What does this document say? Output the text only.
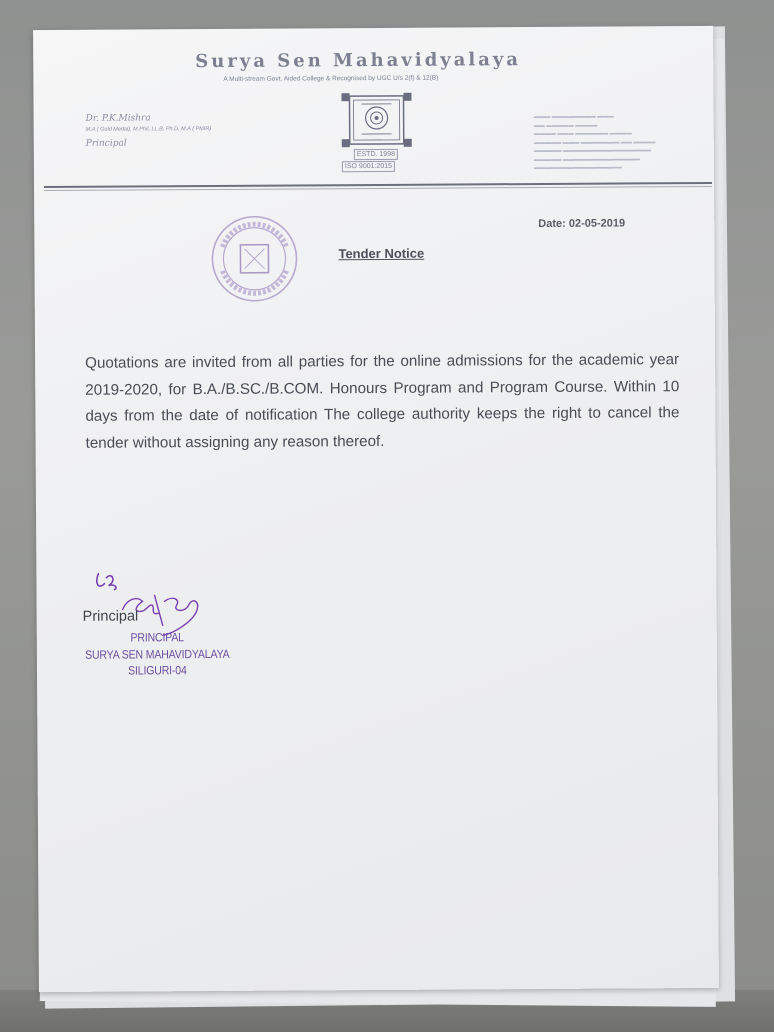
Surya Sen Mahavidyalaya
A Multi-stream Govt. Aided College & Recognised by UGC U/s 2(f) & 12(B)
Dr. P.K.Mishra
M.A ( Gold Medal), M.Phil, LL.B, Ph.D, M.A ( PMIR)
Principal
ESTD. 1998
ISO 9001:2015
▬▬▬ ▬▬▬▬▬▬▬▬ ▬▬▬
▬▬ ▬▬▬▬▬ ▬▬▬▬
▬▬▬▬ ▬▬▬ ▬▬▬▬▬▬ ▬▬▬▬
▬▬▬▬▬ ▬▬▬ ▬▬▬▬▬▬▬ ▬▬ ▬▬▬▬
▬▬▬▬▬ ▬▬▬▬▬▬▬▬▬▬▬▬▬▬▬▬
▬▬▬▬▬ ▬▬▬▬▬▬▬▬▬▬▬▬▬▬
▬▬▬▬▬▬▬▬▬▬▬▬▬▬▬▬
Date: 02-05-2019
Tender Notice
Quotations are invited from all parties for the online admissions for the academic year 2019-2020, for B.A./B.SC./B.COM. Honours Program and Program Course. Within 10 days from the date of notification The college authority keeps the right to cancel the tender without assigning any reason thereof.
Principal
PRINCIPAL
SURYA SEN MAHAVIDYALAYA
SILIGURI-04
